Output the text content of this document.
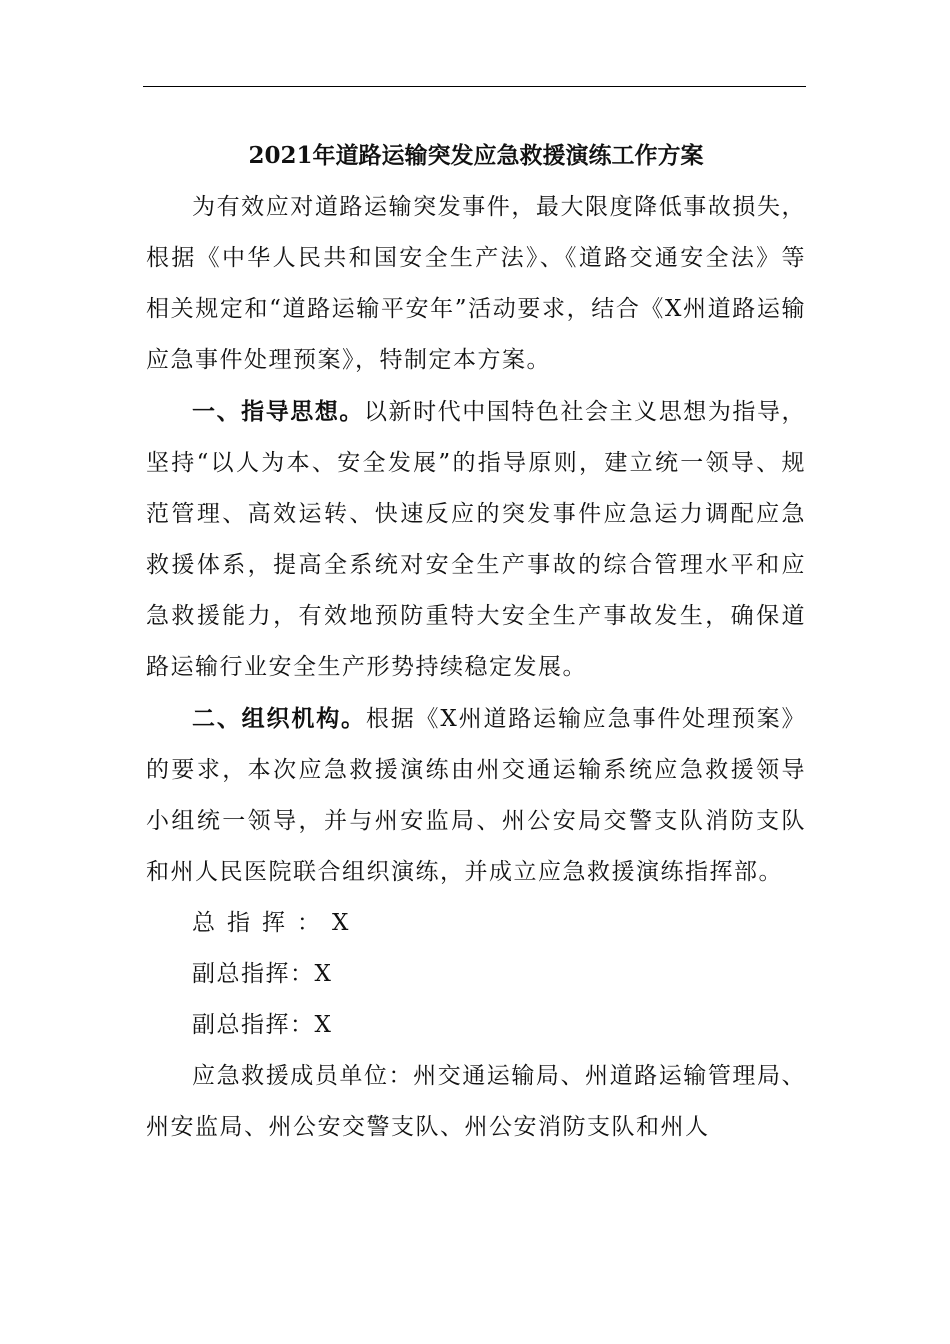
2021年道路运输突发应急救援演练工作方案

为有效应对道路运输突发事件，最大限度降低事故损失，根据《中华人民共和国安全生产法》、《道路交通安全法》等相关规定和“道路运输平安年”活动要求，结合《X州道路运输应急事件处理预案》，特制定本方案。

一、指导思想。以新时代中国特色社会主义思想为指导，坚持“以人为本、安全发展”的指导原则，建立统一领导、规范管理、高效运转、快速反应的突发事件应急运力调配应急救援体系，提高全系统对安全生产事故的综合管理水平和应急救援能力，有效地预防重特大安全生产事故发生，确保道路运输行业安全生产形势持续稳定发展。

二、组织机构。根据《X州道路运输应急事件处理预案》的要求，本次应急救援演练由州交通运输系统应急救援领导小组统一领导，并与州安监局、州公安局交警支队消防支队和州人民医院联合组织演练，并成立应急救援演练指挥部。

总指挥：X

副总指挥：X

副总指挥：X

应急救援成员单位：州交通运输局、州道路运输管理局、州安监局、州公安交警支队、州公安消防支队和州人
